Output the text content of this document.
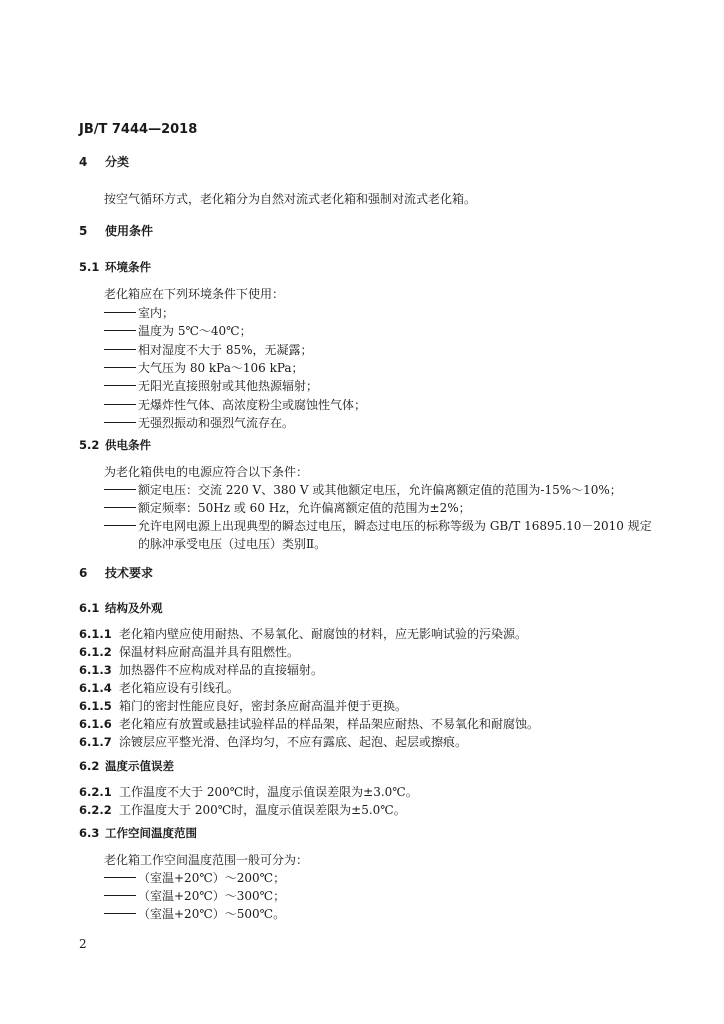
JB/T 7444—2018
4 分类
按空气循环方式，老化箱分为自然对流式老化箱和强制对流式老化箱。
5 使用条件
5.1 环境条件
老化箱应在下列环境条件下使用：
室内；
温度为 5℃～40℃；
相对湿度不大于 85%，无凝露；
大气压为 80 kPa～106 kPa；
无阳光直接照射或其他热源辐射；
无爆炸性气体、高浓度粉尘或腐蚀性气体；
无强烈振动和强烈气流存在。
5.2 供电条件
为老化箱供电的电源应符合以下条件：
额定电压：交流 220 V、380 V 或其他额定电压，允许偏离额定值的范围为-15%～10%；
额定频率：50Hz 或 60 Hz，允许偏离额定值的范围为±2%；
允许电网电源上出现典型的瞬态过电压，瞬态过电压的标称等级为 GB/T 16895.10－2010 规定
的脉冲承受电压（过电压）类别Ⅱ。
6 技术要求
6.1 结构及外观
6.1.1 老化箱内壁应使用耐热、不易氧化、耐腐蚀的材料，应无影响试验的污染源。
6.1.2 保温材料应耐高温并具有阻燃性。
6.1.3 加热器件不应构成对样品的直接辐射。
6.1.4 老化箱应设有引线孔。
6.1.5 箱门的密封性能应良好，密封条应耐高温并便于更换。
6.1.6 老化箱应有放置或悬挂试验样品的样品架，样品架应耐热、不易氧化和耐腐蚀。
6.1.7 涂镀层应平整光滑、色泽均匀，不应有露底、起泡、起层或擦痕。
6.2 温度示值误差
6.2.1 工作温度不大于 200℃时，温度示值误差限为±3.0℃。
6.2.2 工作温度大于 200℃时，温度示值误差限为±5.0℃。
6.3 工作空间温度范围
老化箱工作空间温度范围一般可分为：
（室温+20℃）～200℃；
（室温+20℃）～300℃；
（室温+20℃）～500℃。
2
